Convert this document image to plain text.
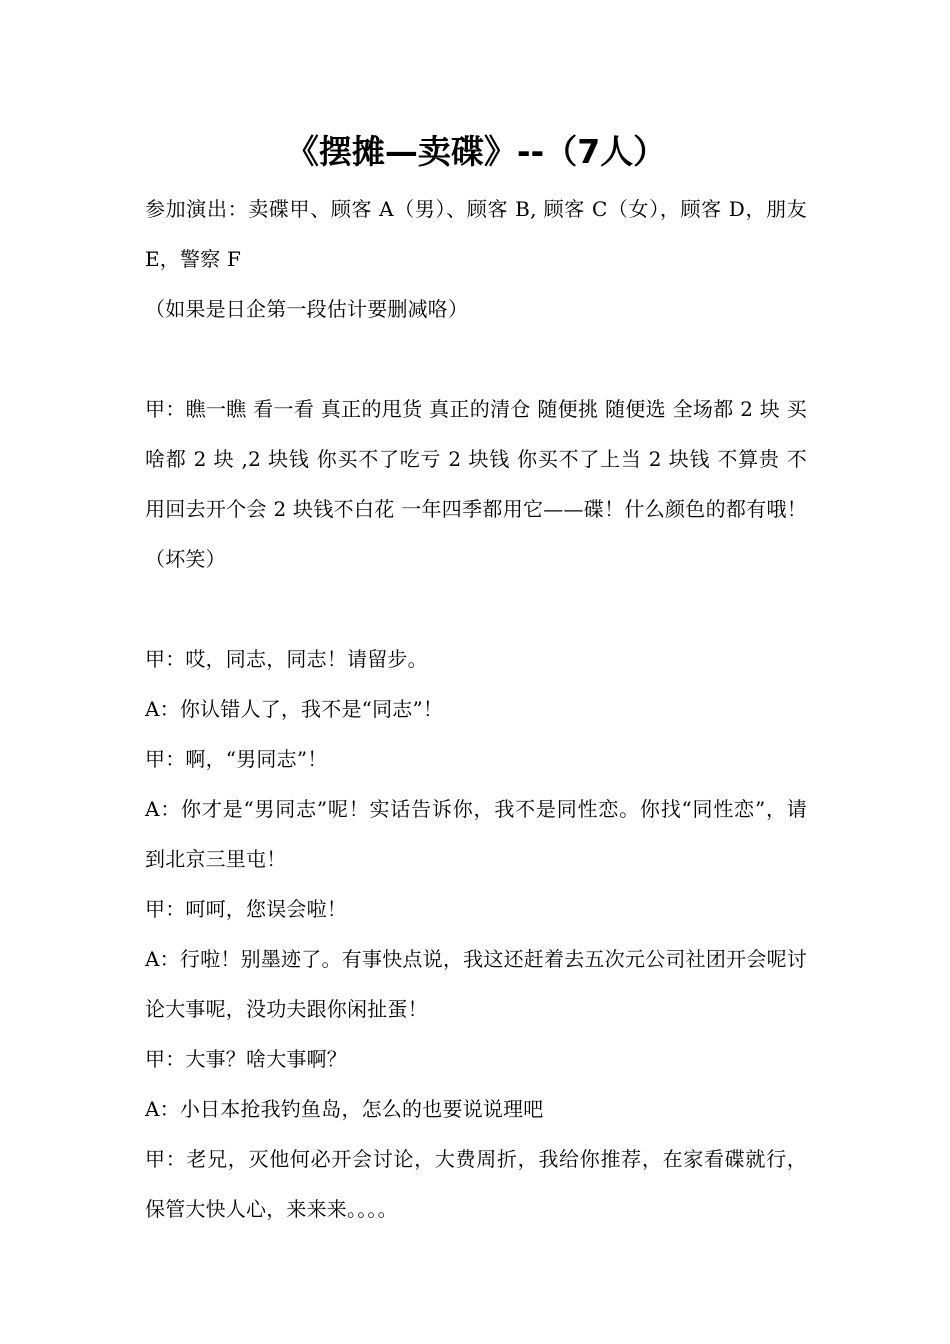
《摆摊—卖碟》--（7人）

参加演出：卖碟甲、顾客 A（男）、顾客 B, 顾客 C（女），顾客 D，朋友 E，警察 F

（如果是日企第一段估计要删减咯）

甲：瞧一瞧 看一看 真正的甩货 真正的清仓 随便挑 随便选 全场都 2 块 买啥都 2 块 ,2 块钱 你买不了吃亏 2 块钱 你买不了上当 2 块钱 不算贵 不用回去开个会 2 块钱不白花 一年四季都用它——碟！什么颜色的都有哦！（坏笑）

甲：哎，同志，同志！请留步。

A：你认错人了，我不是“同志”！

甲：啊，“男同志”！

A：你才是“男同志”呢！实话告诉你，我不是同性恋。你找“同性恋”，请到北京三里屯！

甲：呵呵，您误会啦！

A：行啦！别墨迹了。有事快点说，我这还赶着去五次元公司社团开会呢讨论大事呢，没功夫跟你闲扯蛋！

甲：大事？啥大事啊？

A：小日本抢我钓鱼岛，怎么的也要说说理吧

甲：老兄，灭他何必开会讨论，大费周折，我给你推荐，在家看碟就行，保管大快人心，来来来。。。。
